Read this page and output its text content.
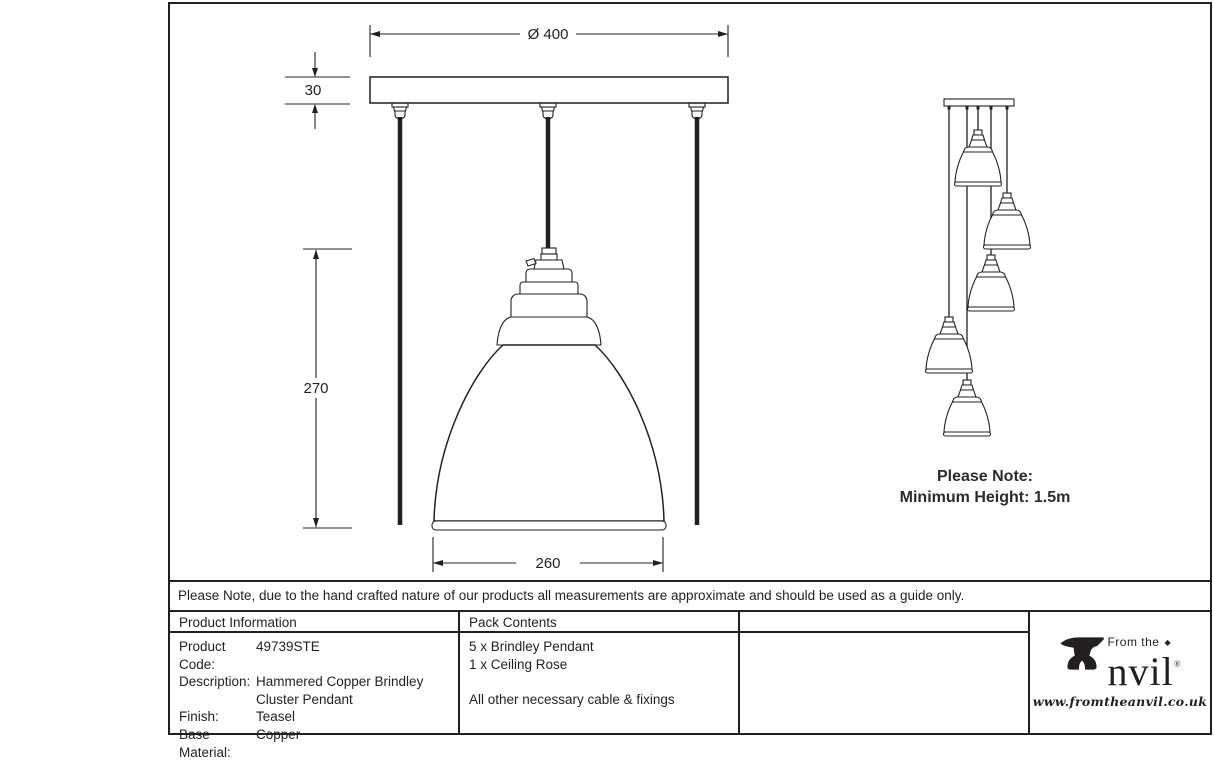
Ø 400
30
270
260
Please Note:
Minimum Height: 1.5m
Please Note, due to the hand crafted nature of our products all measurements are approximate and should be used as a guide only.
Product Information	Pack Contents
Product Code:
49739STE
Description: Hammered Copper Brindley
Cluster Pendant
Finish:	Teasel
Base Material:
Copper
5 x Brindley Pendant
1 x Ceiling Rose
All other necessary cable & fixings
From the ◆
nvil®
www.fromtheanvil.co.uk
